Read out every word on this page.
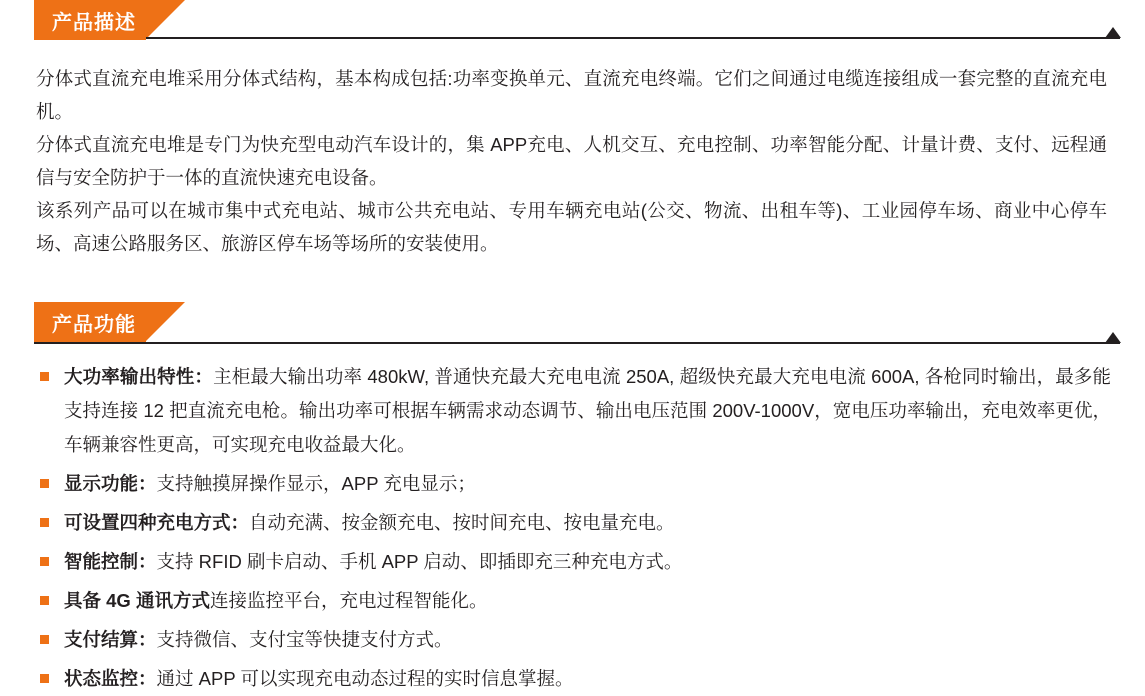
产品描述

分体式直流充电堆采用分体式结构，基本构成包括:功率变换单元、直流充电终端。它们之间通过电缆连接组成一套完整的直流充电机。

分体式直流充电堆是专门为快充型电动汽车设计的，集 APP充电、人机交互、充电控制、功率智能分配、计量计费、支付、远程通信与安全防护于一体的直流快速充电设备。

该系列产品可以在城市集中式充电站、城市公共充电站、专用车辆充电站(公交、物流、出租车等)、工业园停车场、商业中心停车场、高速公路服务区、旅游区停车场等场所的安装使用。

产品功能
大功率输出特性：主柜最大输出功率 480kW, 普通快充最大充电电流 250A, 超级快充最大充电电流 600A, 各枪同时输出，最多能支持连接 12 把直流充电枪。输出功率可根据车辆需求动态调节、输出电压范围 200V-1000V，宽电压功率输出，充电效率更优，车辆兼容性更高，可实现充电收益最大化。
显示功能：支持触摸屏操作显示，APP 充电显示；
可设置四种充电方式：自动充满、按金额充电、按时间充电、按电量充电。
智能控制：支持 RFID 刷卡启动、手机 APP 启动、即插即充三种充电方式。
具备 4G 通讯方式连接监控平台，充电过程智能化。
支付结算：支持微信、支付宝等快捷支付方式。
状态监控：通过 APP 可以实现充电动态过程的实时信息掌握。
